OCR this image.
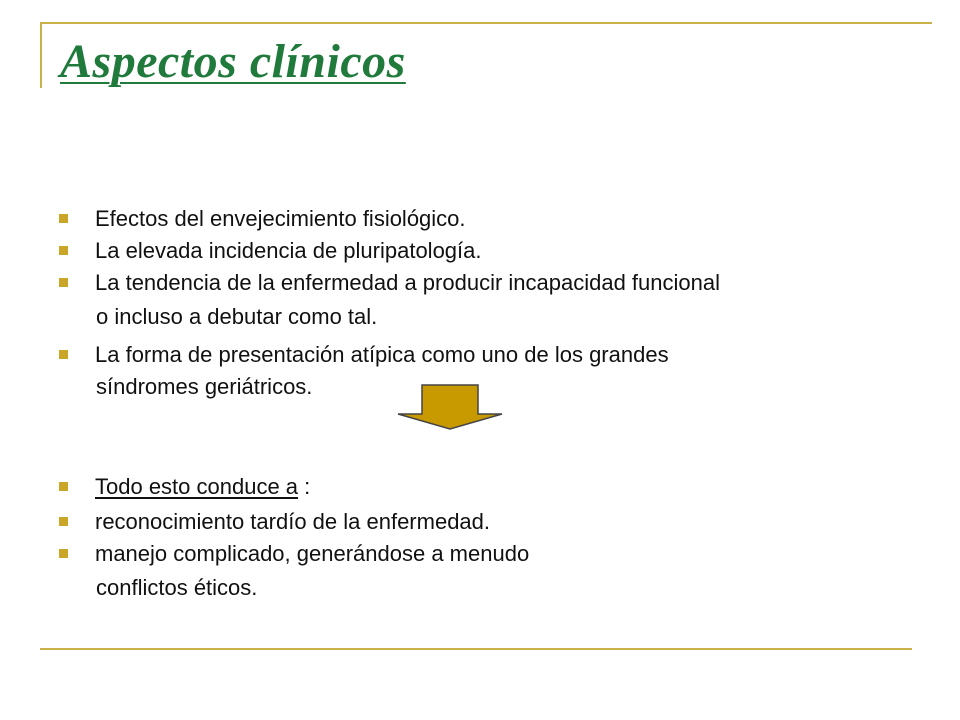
Aspectos clínicos
Efectos del envejecimiento fisiológico.
La elevada incidencia de pluripatología.
La tendencia de la enfermedad a producir incapacidad funcional
o incluso a debutar como tal.
La forma de presentación atípica como uno de los grandes
síndromes geriátricos.
Todo esto conduce a :
reconocimiento tardío de la enfermedad.
manejo complicado, generándose a menudo
conflictos éticos.
